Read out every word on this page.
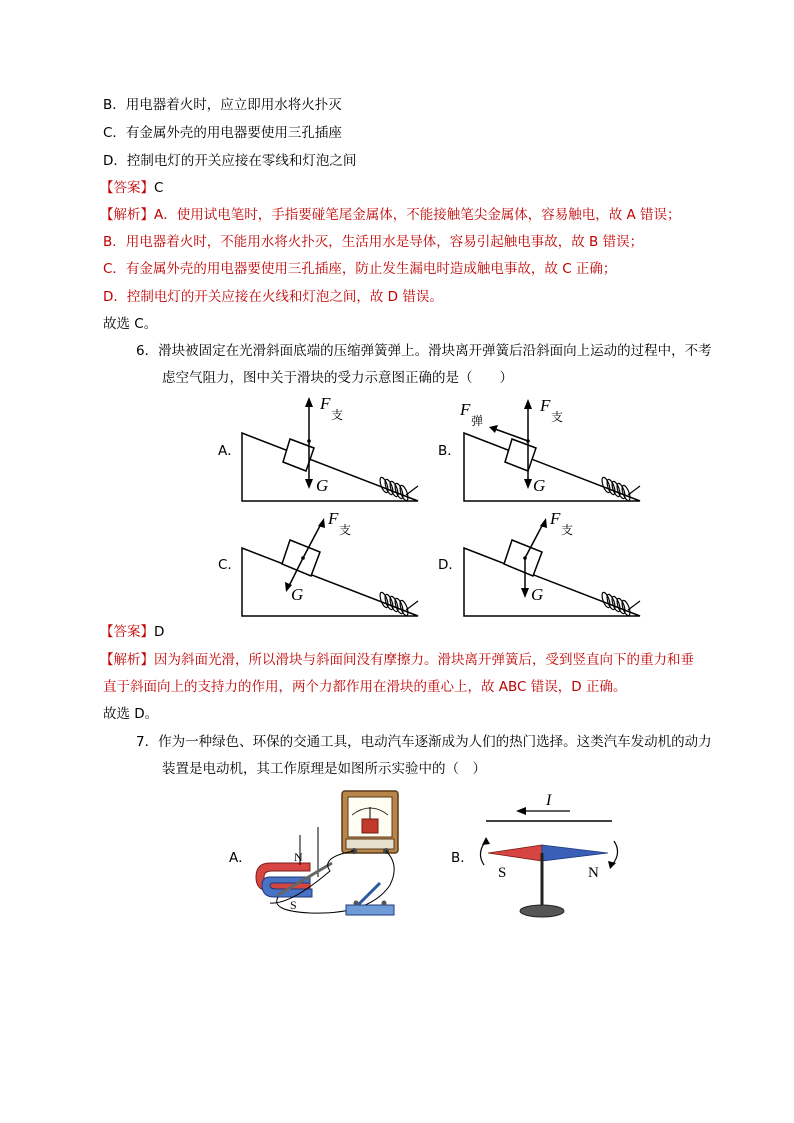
B．用电器着火时，应立即用水将火扑灭
C．有金属外壳的用电器要使用三孔插座
D．控制电灯的开关应接在零线和灯泡之间
【答案】C
【解析】A．使用试电笔时，手指要碰笔尾金属体，不能接触笔尖金属体，容易触电，故 A 错误；
B．用电器着火时，不能用水将火扑灭，生活用水是导体，容易引起触电事故，故 B 错误；
C．有金属外壳的用电器要使用三孔插座，防止发生漏电时造成触电事故，故 C 正确；
D．控制电灯的开关应接在火线和灯泡之间，故 D 错误。
故选 C。
6．滑块被固定在光滑斜面底端的压缩弹簧弹上。滑块离开弹簧后沿斜面向上运动的过程中，不考
虑空气阻力，图中关于滑块的受力示意图正确的是（　　）
A．
F
支
G
B．
F
弹
F
支
G
C．
F
支
G
D．
F
支
G
【答案】D
【解析】因为斜面光滑，所以滑块与斜面间没有摩擦力。滑块离开弹簧后，受到竖直向下的重力和垂
直于斜面向上的支持力的作用，两个力都作用在滑块的重心上，故 ABC 错误，D 正确。
故选 D。
7．作为一种绿色、环保的交通工具，电动汽车逐渐成为人们的热门选择。这类汽车发动机的动力
装置是电动机，其工作原理是如图所示实验中的（　）
A．	N
S
B．
I
S	N
